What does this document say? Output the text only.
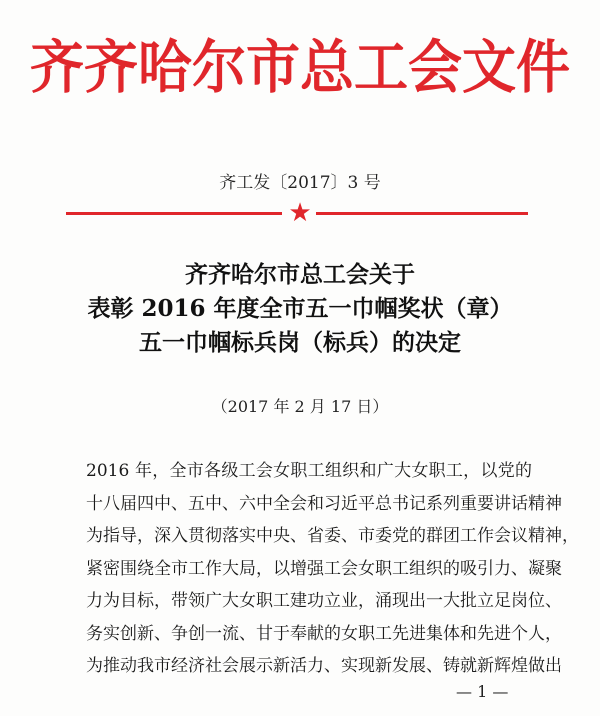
齐齐哈尔市总工会文件
齐工发〔2017〕3 号
★
齐齐哈尔市总工会关于
表彰 2016 年度全市五一巾帼奖状（章）
五一巾帼标兵岗（标兵）的决定
（2017 年 2 月 17 日）
2016 年，全市各级工会女职工组织和广大女职工，以党的
十八届四中、五中、六中全会和习近平总书记系列重要讲话精神
为指导，深入贯彻落实中央、省委、市委党的群团工作会议精神，
紧密围绕全市工作大局，以增强工会女职工组织的吸引力、凝聚
力为目标，带领广大女职工建功立业，涌现出一大批立足岗位、
务实创新、争创一流、甘于奉献的女职工先进集体和先进个人，
为推动我市经济社会展示新活力、实现新发展、铸就新辉煌做出
— 1 —
